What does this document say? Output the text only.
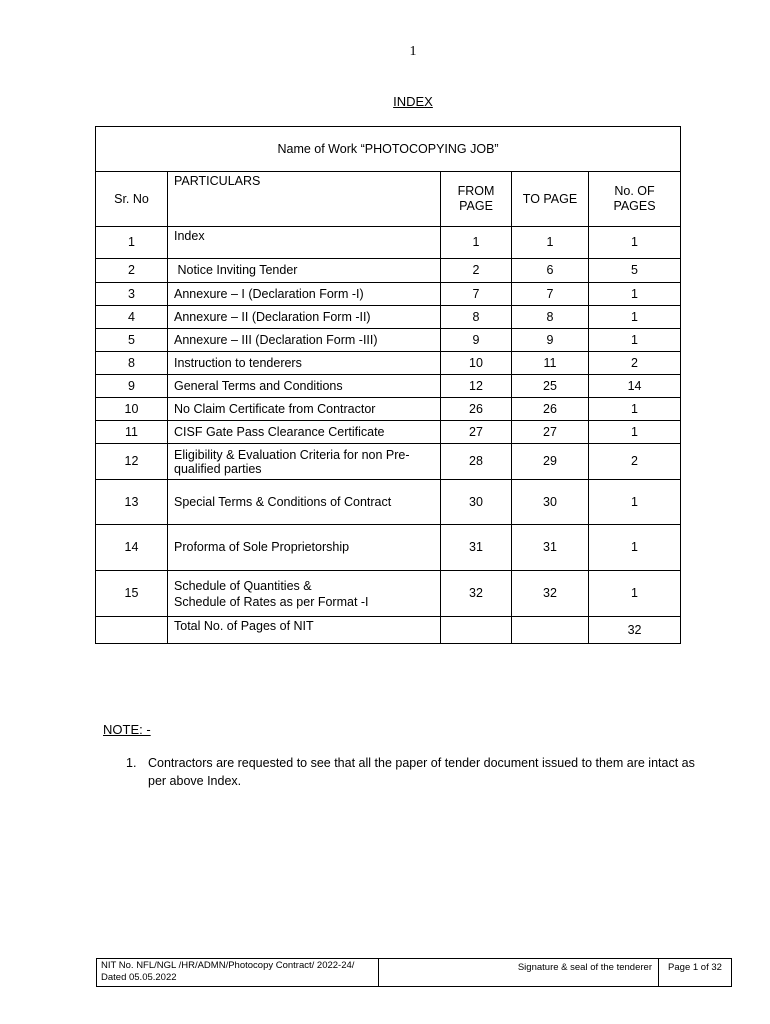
1
INDEX
Name of Work “PHOTOCOPYING JOB”				
Sr. No	PARTICULARS	FROM PAGE	TO PAGE	No. OF PAGES
1	Index	1	1	1
2	Notice Inviting Tender	2	6	5
3	Annexure – I (Declaration Form -I)	7	7	1
4	Annexure – II (Declaration Form -II)	8	8	1
5	Annexure – III (Declaration Form -III)	9	9	1
8	Instruction to tenderers	10	11	2
9	General Terms and Conditions	12	25	14
10	No Claim Certificate from Contractor	26	26	1
11	CISF Gate Pass Clearance Certificate	27	27	1
12	Eligibility & Evaluation Criteria for non Pre-qualified parties	28	29	2
13	Special Terms & Conditions of Contract	30	30	1
14	Proforma of Sole Proprietorship	31	31	1
15	Schedule of Quantities &
Schedule of Rates as per Format -I	32	32	1
	Total No. of Pages of NIT			32
NOTE: -
1. Contractors are requested to see that all the paper of tender document issued to them are intact as per above Index.
NIT No. NFL/NGL /HR/ADMN/Photocopy Contract/ 2022-24/
Dated 05.05.2022
Signature & seal of the tenderer	Page 1 of 32
